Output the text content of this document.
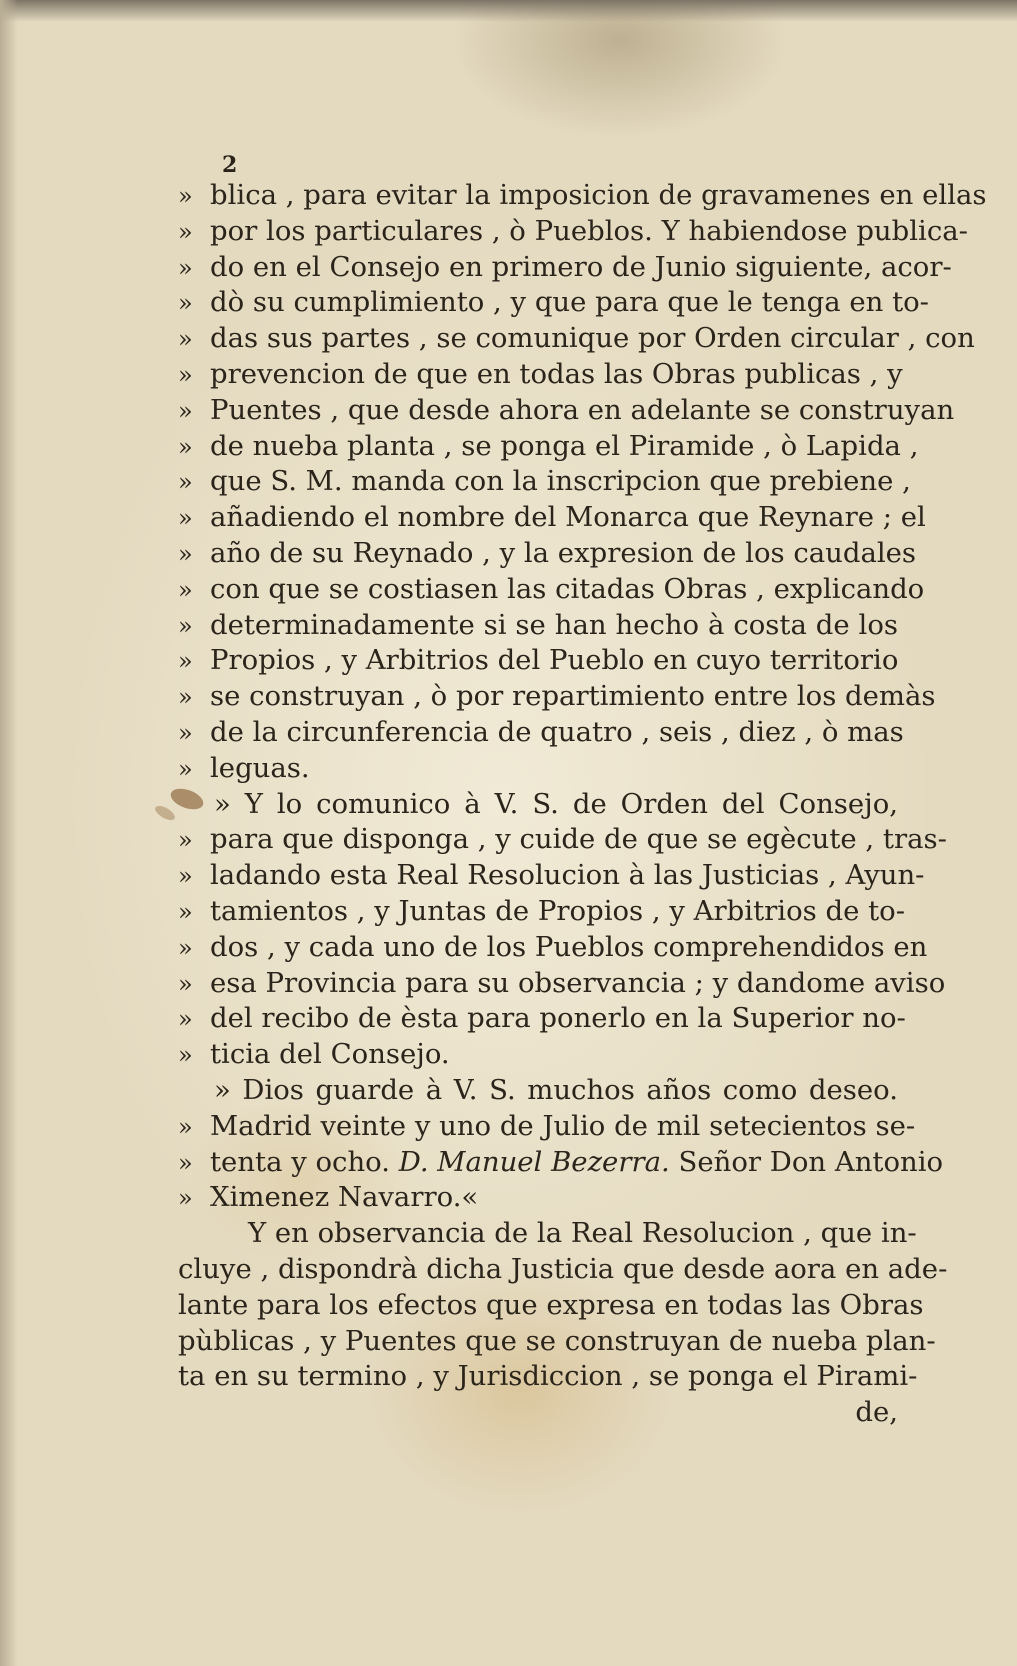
2
» blica , para evitar la imposicion de gravamenes en ellas
» por los particulares , ò Pueblos. Y habiendose publica-
» do en el Consejo en primero de Junio siguiente, acor-
» dò su cumplimiento , y que para que le tenga en to-
» das sus partes , se comunique por Orden circular , con
» prevencion de que en todas las Obras publicas , y
» Puentes , que desde ahora en adelante se construyan
» de nueba planta , se ponga el Piramide , ò Lapida ,
» que S. M. manda con la inscripcion que prebiene ,
» añadiendo el nombre del Monarca que Reynare ; el
» año de su Reynado , y la expresion de los caudales
» con que se costiasen las citadas Obras , explicando
» determinadamente si se han hecho à costa de los
» Propios , y Arbitrios del Pueblo en cuyo territorio
» se construyan , ò por repartimiento entre los demàs
» de la circunferencia de quatro , seis , diez , ò mas
» leguas.
» Y lo comunico à V. S. de Orden del Consejo,
» para que disponga , y cuide de que se egècute , tras-
» ladando esta Real Resolucion à las Justicias , Ayun-
» tamientos , y Juntas de Propios , y Arbitrios de to-
» dos , y cada uno de los Pueblos comprehendidos en
» esa Provincia para su observancia ; y dandome aviso
» del recibo de èsta para ponerlo en la Superior no-
» ticia del Consejo.
» Dios guarde à V. S. muchos años como deseo.
» Madrid veinte y uno de Julio de mil setecientos se-
» tenta y ocho. D. Manuel Bezerra. Señor Don Antonio
» Ximenez Navarro.«
Y en observancia de la Real Resolucion , que in-
cluye , dispondrà dicha Justicia que desde aora en ade-
lante para los efectos que expresa en todas las Obras
pùblicas , y Puentes que se construyan de nueba plan-
ta en su termino , y Jurisdiccion , se ponga el Pirami-
de,
